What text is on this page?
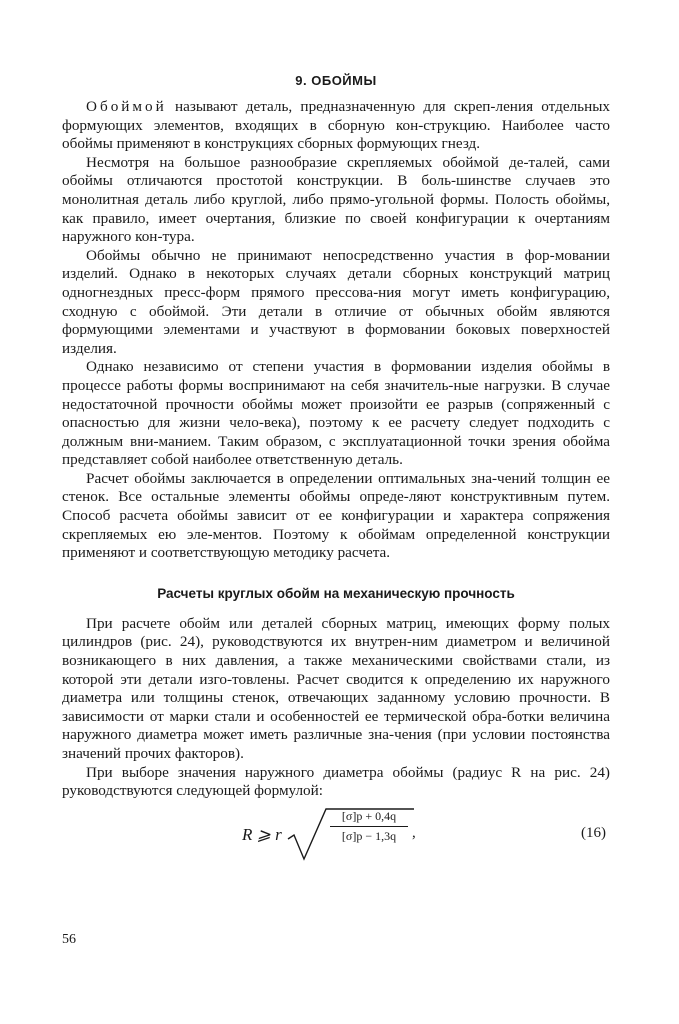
9. ОБОЙМЫ

Обоймой называют деталь, предназначенную для скреп-ления отдельных формующих элементов, входящих в сборную кон-струкцию. Наиболее часто обоймы применяют в конструкциях сборных формующих гнезд.

Несмотря на большое разнообразие скрепляемых обоймой де-талей, сами обоймы отличаются простотой конструкции. В боль-шинстве случаев это монолитная деталь либо круглой, либо прямо-угольной формы. Полость обоймы, как правило, имеет очертания, близкие по своей конфигурации к очертаниям наружного кон-тура.

Обоймы обычно не принимают непосредственно участия в фор-мовании изделий. Однако в некоторых случаях детали сборных конструкций матриц одногнездных пресс-форм прямого прессова-ния могут иметь конфигурацию, сходную с обоймой. Эти детали в отличие от обычных обойм являются формующими элементами и участвуют в формовании боковых поверхностей изделия.

Однако независимо от степени участия в формовании изделия обоймы в процессе работы формы воспринимают на себя значитель-ные нагрузки. В случае недостаточной прочности обоймы может произойти ее разрыв (сопряженный с опасностью для жизни чело-века), поэтому к ее расчету следует подходить с должным вни-манием. Таким образом, с эксплуатационной точки зрения обойма представляет собой наиболее ответственную деталь.

Расчет обоймы заключается в определении оптимальных зна-чений толщин ее стенок. Все остальные элементы обоймы опреде-ляют конструктивным путем. Способ расчета обоймы зависит от ее конфигурации и характера сопряжения скрепляемых ею эле-ментов. Поэтому к обоймам определенной конструкции применяют и соответствующую методику расчета.

Расчеты круглых обойм на механическую прочность

При расчете обойм или деталей сборных матриц, имеющих форму полых цилиндров (рис. 24), руководствуются их внутрен-ним диаметром и величиной возникающего в них давления, а также механическими свойствами стали, из которой эти детали изго-товлены. Расчет сводится к определению их наружного диаметра или толщины стенок, отвечающих заданному условию прочности. В зависимости от марки стали и особенностей ее термической обра-ботки величина наружного диаметра может иметь различные зна-чения (при условии постоянства значений прочих факторов).

При выборе значения наружного диаметра обоймы (радиус R на рис. 24) руководствуются следующей формулой:

R ⩾ r	$\frac{[\sigma]p + 0,4q}{[\sigma]p - 1,3q}$ ,	(16)
56
